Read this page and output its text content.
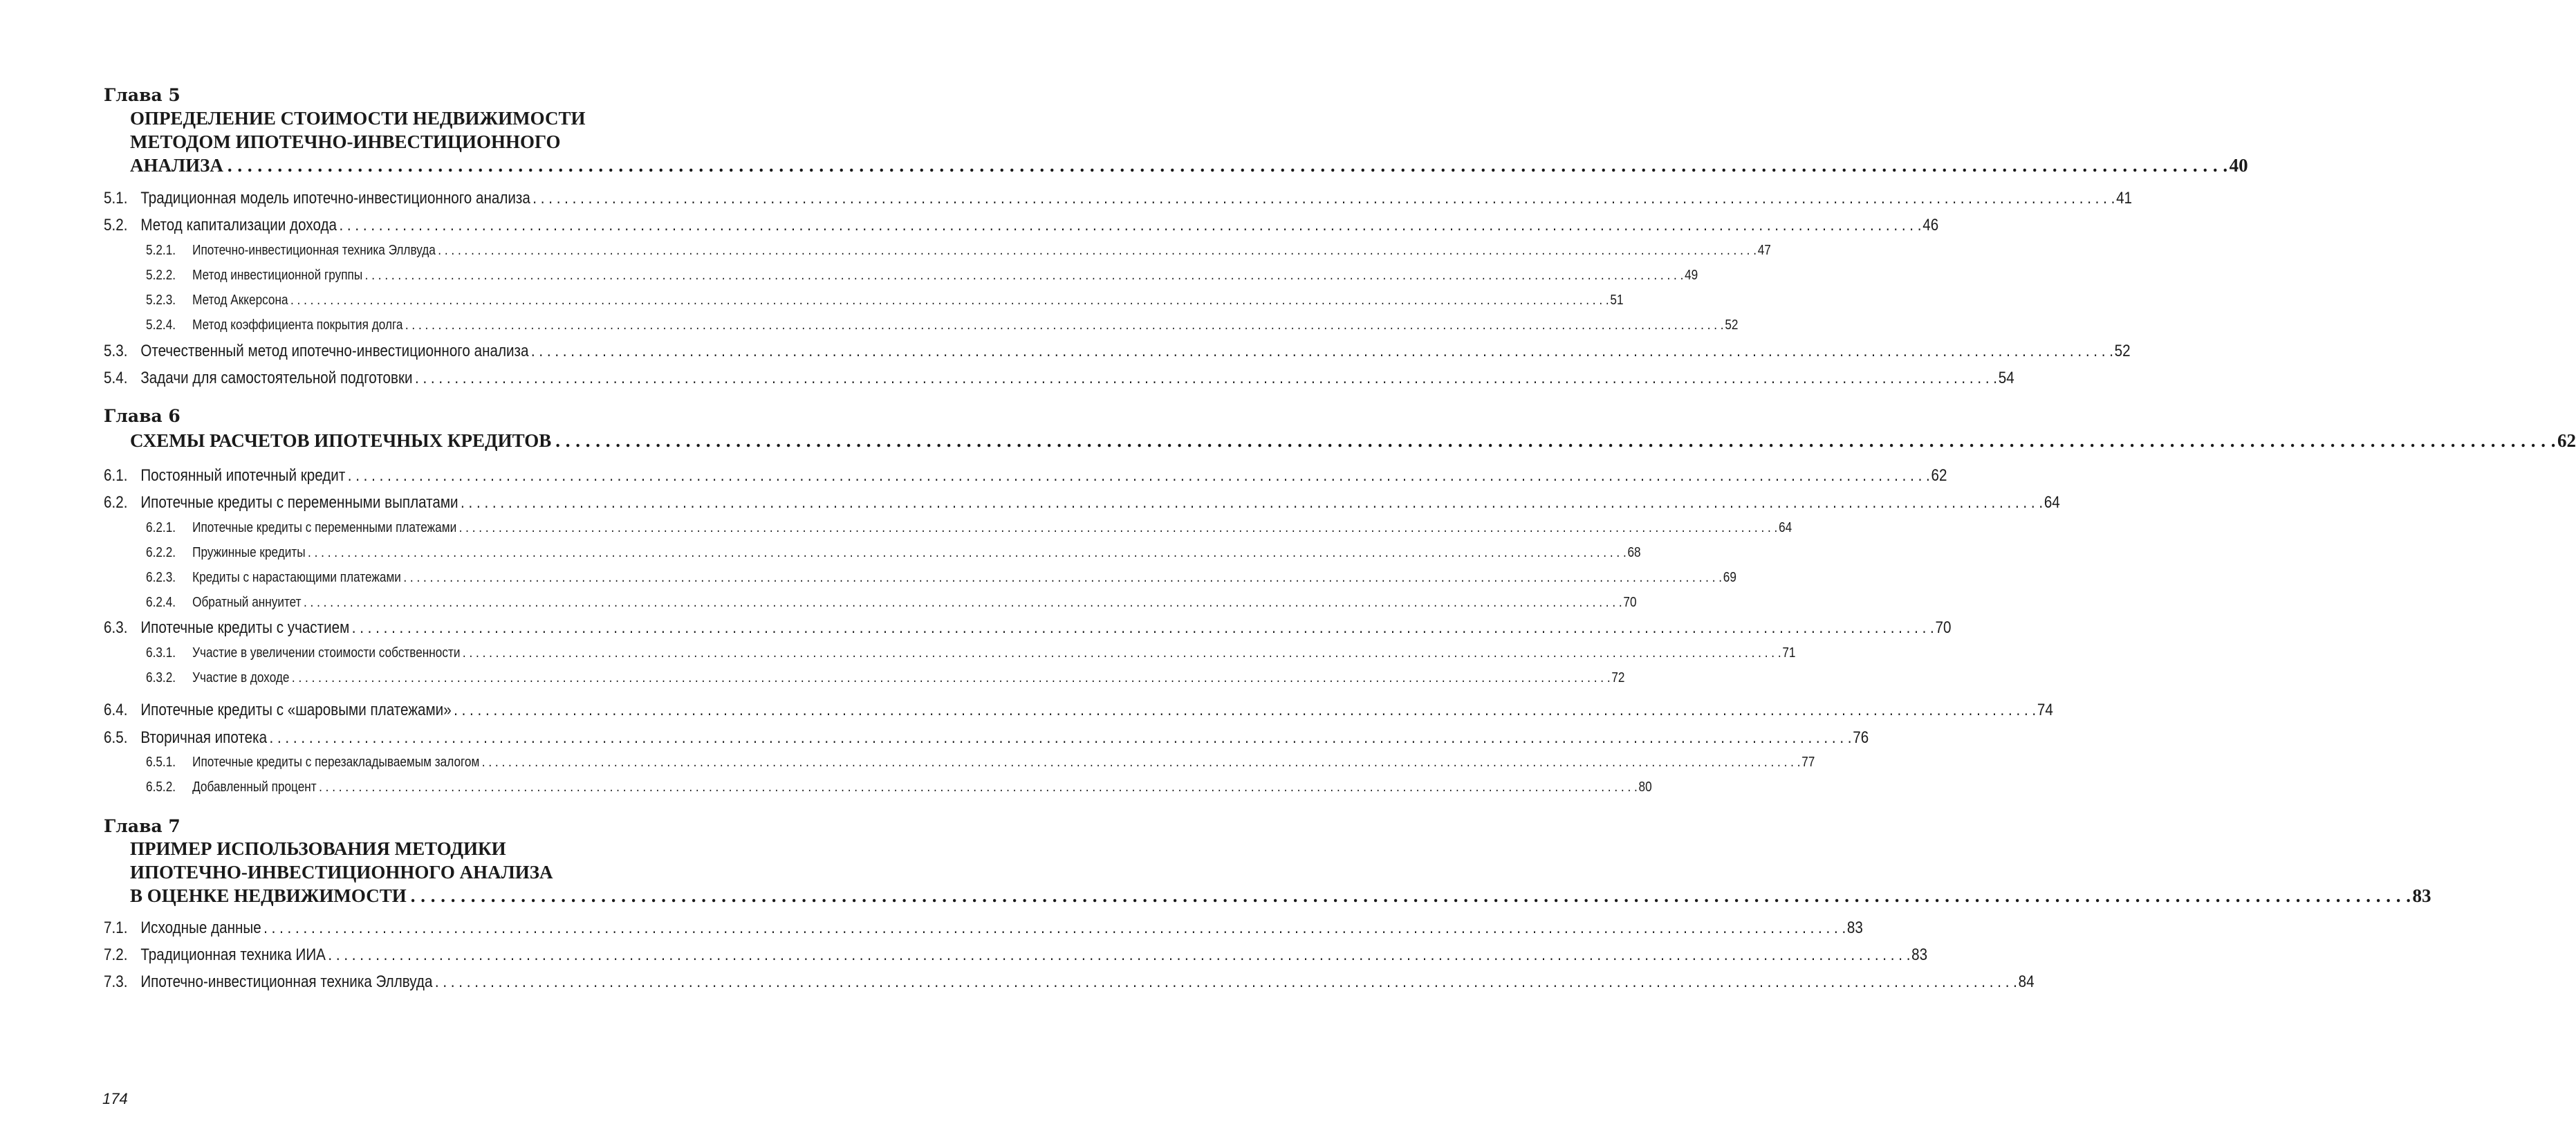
Глава 5
ОПРЕДЕЛЕНИЕ СТОИМОСТИ НЕДВИЖИМОСТИ
МЕТОДОМ ИПОТЕЧНО-ИНВЕСТИЦИОННОГО
АНАЛИЗА . . . . . . . . . . . . . . . . . . . . . . . . . . . . . . . . . . . . . . . . . . . . . . . . . . . . . . . . . . . . . . . . . . . . . . . . . . . . . . . . . . . . . . . . . . . . . . . . . . . . . . . . . . . . . . . . . . . . . . . . . . . . . . . . . . . . . . . . . . . . . . . . . . . . . . . . . . . . . . . . . . . . . . . . . . . . . . . . . . . . . . . . . . . . . . . . . . . . . . . . 40
5.1. Традиционная модель ипотечно-инвестиционного анализа . . . . . . . . . . . . . . . . . . . . . . . . . . . . . . . . . . . . . . . . . . . . . . . . . . . . . . . . . . . . . . . . . . . . . . . . . . . . . . . . . . . . . . . . . . . . . . . . . . . . . . . . . . . . . . . . . . . . . . . . . . . . . . . . . . . . . . . . . . . . . . . . . . . . . . . . . . . . . . . . . . . . . . . . . . . . . . . . . . . . . . . . . . . . . . . . . . . . . . . . 41
5.2. Метод капитализации дохода . . . . . . . . . . . . . . . . . . . . . . . . . . . . . . . . . . . . . . . . . . . . . . . . . . . . . . . . . . . . . . . . . . . . . . . . . . . . . . . . . . . . . . . . . . . . . . . . . . . . . . . . . . . . . . . . . . . . . . . . . . . . . . . . . . . . . . . . . . . . . . . . . . . . . . . . . . . . . . . . . . . . . . . . . . . . . . . . . . . . . . . . . . . . . . . . . . . . . . . . 46
5.2.1.	Ипотечно-инвестиционная техника Эллвуда . . . . . . . . . . . . . . . . . . . . . . . . . . . . . . . . . . . . . . . . . . . . . . . . . . . . . . . . . . . . . . . . . . . . . . . . . . . . . . . . . . . . . . . . . . . . . . . . . . . . . . . . . . . . . . . . . . . . . . . . . . . . . . . . . . . . . . . . . . . . . . . . . . . . . . . . . . . . . . . . . . . . . . . . . . . . . . . . . . . . . . . . . . . . . . . . . . . . . . . . 47
5.2.2.	Метод инвестиционной группы . . . . . . . . . . . . . . . . . . . . . . . . . . . . . . . . . . . . . . . . . . . . . . . . . . . . . . . . . . . . . . . . . . . . . . . . . . . . . . . . . . . . . . . . . . . . . . . . . . . . . . . . . . . . . . . . . . . . . . . . . . . . . . . . . . . . . . . . . . . . . . . . . . . . . . . . . . . . . . . . . . . . . . . . . . . . . . . . . . . . . . . . . . . . . . . . . . . . . . . . 49
5.2.3.	Метод Аккерсона . . . . . . . . . . . . . . . . . . . . . . . . . . . . . . . . . . . . . . . . . . . . . . . . . . . . . . . . . . . . . . . . . . . . . . . . . . . . . . . . . . . . . . . . . . . . . . . . . . . . . . . . . . . . . . . . . . . . . . . . . . . . . . . . . . . . . . . . . . . . . . . . . . . . . . . . . . . . . . . . . . . . . . . . . . . . . . . . . . . . . . . . . . . . . . . . . . . . . . . . 51
5.2.4.	Метод коэффициента покрытия долга . . . . . . . . . . . . . . . . . . . . . . . . . . . . . . . . . . . . . . . . . . . . . . . . . . . . . . . . . . . . . . . . . . . . . . . . . . . . . . . . . . . . . . . . . . . . . . . . . . . . . . . . . . . . . . . . . . . . . . . . . . . . . . . . . . . . . . . . . . . . . . . . . . . . . . . . . . . . . . . . . . . . . . . . . . . . . . . . . . . . . . . . . . . . . . . . . . . . . . . . 52
5.3. Отечественный метод ипотечно-инвестиционного анализа . . . . . . . . . . . . . . . . . . . . . . . . . . . . . . . . . . . . . . . . . . . . . . . . . . . . . . . . . . . . . . . . . . . . . . . . . . . . . . . . . . . . . . . . . . . . . . . . . . . . . . . . . . . . . . . . . . . . . . . . . . . . . . . . . . . . . . . . . . . . . . . . . . . . . . . . . . . . . . . . . . . . . . . . . . . . . . . . . . . . . . . . . . . . . . . . . . . . . . . . 52
5.4. Задачи для самостоятельной подготовки . . . . . . . . . . . . . . . . . . . . . . . . . . . . . . . . . . . . . . . . . . . . . . . . . . . . . . . . . . . . . . . . . . . . . . . . . . . . . . . . . . . . . . . . . . . . . . . . . . . . . . . . . . . . . . . . . . . . . . . . . . . . . . . . . . . . . . . . . . . . . . . . . . . . . . . . . . . . . . . . . . . . . . . . . . . . . . . . . . . . . . . . . . . . . . . . . . . . . . . . 54
Глава 6
СХЕМЫ РАСЧЕТОВ ИПОТЕЧНЫХ КРЕДИТОВ . . . . . . . . . . . . . . . . . . . . . . . . . . . . . . . . . . . . . . . . . . . . . . . . . . . . . . . . . . . . . . . . . . . . . . . . . . . . . . . . . . . . . . . . . . . . . . . . . . . . . . . . . . . . . . . . . . . . . . . . . . . . . . . . . . . . . . . . . . . . . . . . . . . . . . . . . . . . . . . . . . . . . . . . . . . . . . . . . . . . . . . . . . . . . . . . . . . . . . . . 62
6.1. Постоянный ипотечный кредит . . . . . . . . . . . . . . . . . . . . . . . . . . . . . . . . . . . . . . . . . . . . . . . . . . . . . . . . . . . . . . . . . . . . . . . . . . . . . . . . . . . . . . . . . . . . . . . . . . . . . . . . . . . . . . . . . . . . . . . . . . . . . . . . . . . . . . . . . . . . . . . . . . . . . . . . . . . . . . . . . . . . . . . . . . . . . . . . . . . . . . . . . . . . . . . . . . . . . . . . 62
6.2. Ипотечные кредиты с переменными выплатами . . . . . . . . . . . . . . . . . . . . . . . . . . . . . . . . . . . . . . . . . . . . . . . . . . . . . . . . . . . . . . . . . . . . . . . . . . . . . . . . . . . . . . . . . . . . . . . . . . . . . . . . . . . . . . . . . . . . . . . . . . . . . . . . . . . . . . . . . . . . . . . . . . . . . . . . . . . . . . . . . . . . . . . . . . . . . . . . . . . . . . . . . . . . . . . . . . . . . . . . 64
6.2.1.	Ипотечные кредиты с переменными платежами . . . . . . . . . . . . . . . . . . . . . . . . . . . . . . . . . . . . . . . . . . . . . . . . . . . . . . . . . . . . . . . . . . . . . . . . . . . . . . . . . . . . . . . . . . . . . . . . . . . . . . . . . . . . . . . . . . . . . . . . . . . . . . . . . . . . . . . . . . . . . . . . . . . . . . . . . . . . . . . . . . . . . . . . . . . . . . . . . . . . . . . . . . . . . . . . . . . . . . . . 64
6.2.2.	Пружинные кредиты . . . . . . . . . . . . . . . . . . . . . . . . . . . . . . . . . . . . . . . . . . . . . . . . . . . . . . . . . . . . . . . . . . . . . . . . . . . . . . . . . . . . . . . . . . . . . . . . . . . . . . . . . . . . . . . . . . . . . . . . . . . . . . . . . . . . . . . . . . . . . . . . . . . . . . . . . . . . . . . . . . . . . . . . . . . . . . . . . . . . . . . . . . . . . . . . . . . . . . . . 68
6.2.3.	Кредиты с нарастающими платежами . . . . . . . . . . . . . . . . . . . . . . . . . . . . . . . . . . . . . . . . . . . . . . . . . . . . . . . . . . . . . . . . . . . . . . . . . . . . . . . . . . . . . . . . . . . . . . . . . . . . . . . . . . . . . . . . . . . . . . . . . . . . . . . . . . . . . . . . . . . . . . . . . . . . . . . . . . . . . . . . . . . . . . . . . . . . . . . . . . . . . . . . . . . . . . . . . . . . . . . . 69
6.2.4.	Обратный аннуитет . . . . . . . . . . . . . . . . . . . . . . . . . . . . . . . . . . . . . . . . . . . . . . . . . . . . . . . . . . . . . . . . . . . . . . . . . . . . . . . . . . . . . . . . . . . . . . . . . . . . . . . . . . . . . . . . . . . . . . . . . . . . . . . . . . . . . . . . . . . . . . . . . . . . . . . . . . . . . . . . . . . . . . . . . . . . . . . . . . . . . . . . . . . . . . . . . . . . . . . . 70
6.3. Ипотечные кредиты с участием . . . . . . . . . . . . . . . . . . . . . . . . . . . . . . . . . . . . . . . . . . . . . . . . . . . . . . . . . . . . . . . . . . . . . . . . . . . . . . . . . . . . . . . . . . . . . . . . . . . . . . . . . . . . . . . . . . . . . . . . . . . . . . . . . . . . . . . . . . . . . . . . . . . . . . . . . . . . . . . . . . . . . . . . . . . . . . . . . . . . . . . . . . . . . . . . . . . . . . . . 70
6.3.1.	Участие в увеличении стоимости собственности . . . . . . . . . . . . . . . . . . . . . . . . . . . . . . . . . . . . . . . . . . . . . . . . . . . . . . . . . . . . . . . . . . . . . . . . . . . . . . . . . . . . . . . . . . . . . . . . . . . . . . . . . . . . . . . . . . . . . . . . . . . . . . . . . . . . . . . . . . . . . . . . . . . . . . . . . . . . . . . . . . . . . . . . . . . . . . . . . . . . . . . . . . . . . . . . . . . . . . . . 71
6.3.2.	Участие в доходе . . . . . . . . . . . . . . . . . . . . . . . . . . . . . . . . . . . . . . . . . . . . . . . . . . . . . . . . . . . . . . . . . . . . . . . . . . . . . . . . . . . . . . . . . . . . . . . . . . . . . . . . . . . . . . . . . . . . . . . . . . . . . . . . . . . . . . . . . . . . . . . . . . . . . . . . . . . . . . . . . . . . . . . . . . . . . . . . . . . . . . . . . . . . . . . . . . . . . . . . 72
6.4. Ипотечные кредиты с «шаровыми платежами» . . . . . . . . . . . . . . . . . . . . . . . . . . . . . . . . . . . . . . . . . . . . . . . . . . . . . . . . . . . . . . . . . . . . . . . . . . . . . . . . . . . . . . . . . . . . . . . . . . . . . . . . . . . . . . . . . . . . . . . . . . . . . . . . . . . . . . . . . . . . . . . . . . . . . . . . . . . . . . . . . . . . . . . . . . . . . . . . . . . . . . . . . . . . . . . . . . . . . . . . 74
6.5. Вторичная ипотека . . . . . . . . . . . . . . . . . . . . . . . . . . . . . . . . . . . . . . . . . . . . . . . . . . . . . . . . . . . . . . . . . . . . . . . . . . . . . . . . . . . . . . . . . . . . . . . . . . . . . . . . . . . . . . . . . . . . . . . . . . . . . . . . . . . . . . . . . . . . . . . . . . . . . . . . . . . . . . . . . . . . . . . . . . . . . . . . . . . . . . . . . . . . . . . . . . . . . . . . 76
6.5.1.	Ипотечные кредиты с перезакладываемым залогом . . . . . . . . . . . . . . . . . . . . . . . . . . . . . . . . . . . . . . . . . . . . . . . . . . . . . . . . . . . . . . . . . . . . . . . . . . . . . . . . . . . . . . . . . . . . . . . . . . . . . . . . . . . . . . . . . . . . . . . . . . . . . . . . . . . . . . . . . . . . . . . . . . . . . . . . . . . . . . . . . . . . . . . . . . . . . . . . . . . . . . . . . . . . . . . . . . . . . . . . 77
6.5.2.	Добавленный процент . . . . . . . . . . . . . . . . . . . . . . . . . . . . . . . . . . . . . . . . . . . . . . . . . . . . . . . . . . . . . . . . . . . . . . . . . . . . . . . . . . . . . . . . . . . . . . . . . . . . . . . . . . . . . . . . . . . . . . . . . . . . . . . . . . . . . . . . . . . . . . . . . . . . . . . . . . . . . . . . . . . . . . . . . . . . . . . . . . . . . . . . . . . . . . . . . . . . . . . . 80
Глава 7
ПРИМЕР ИСПОЛЬЗОВАНИЯ МЕТОДИКИ
ИПОТЕЧНО-ИНВЕСТИЦИОННОГО АНАЛИЗА
В ОЦЕНКЕ НЕДВИЖИМОСТИ . . . . . . . . . . . . . . . . . . . . . . . . . . . . . . . . . . . . . . . . . . . . . . . . . . . . . . . . . . . . . . . . . . . . . . . . . . . . . . . . . . . . . . . . . . . . . . . . . . . . . . . . . . . . . . . . . . . . . . . . . . . . . . . . . . . . . . . . . . . . . . . . . . . . . . . . . . . . . . . . . . . . . . . . . . . . . . . . . . . . . . . . . . . . . . . . . . . . . . . . 83
7.1. Исходные данные . . . . . . . . . . . . . . . . . . . . . . . . . . . . . . . . . . . . . . . . . . . . . . . . . . . . . . . . . . . . . . . . . . . . . . . . . . . . . . . . . . . . . . . . . . . . . . . . . . . . . . . . . . . . . . . . . . . . . . . . . . . . . . . . . . . . . . . . . . . . . . . . . . . . . . . . . . . . . . . . . . . . . . . . . . . . . . . . . . . . . . . . . . . . . . . . . . . . . . . . 83
7.2. Традиционная техника ИИА . . . . . . . . . . . . . . . . . . . . . . . . . . . . . . . . . . . . . . . . . . . . . . . . . . . . . . . . . . . . . . . . . . . . . . . . . . . . . . . . . . . . . . . . . . . . . . . . . . . . . . . . . . . . . . . . . . . . . . . . . . . . . . . . . . . . . . . . . . . . . . . . . . . . . . . . . . . . . . . . . . . . . . . . . . . . . . . . . . . . . . . . . . . . . . . . . . . . . . . . 83
7.3. Ипотечно-инвестиционная техника Эллвуда . . . . . . . . . . . . . . . . . . . . . . . . . . . . . . . . . . . . . . . . . . . . . . . . . . . . . . . . . . . . . . . . . . . . . . . . . . . . . . . . . . . . . . . . . . . . . . . . . . . . . . . . . . . . . . . . . . . . . . . . . . . . . . . . . . . . . . . . . . . . . . . . . . . . . . . . . . . . . . . . . . . . . . . . . . . . . . . . . . . . . . . . . . . . . . . . . . . . . . . . 84
174
